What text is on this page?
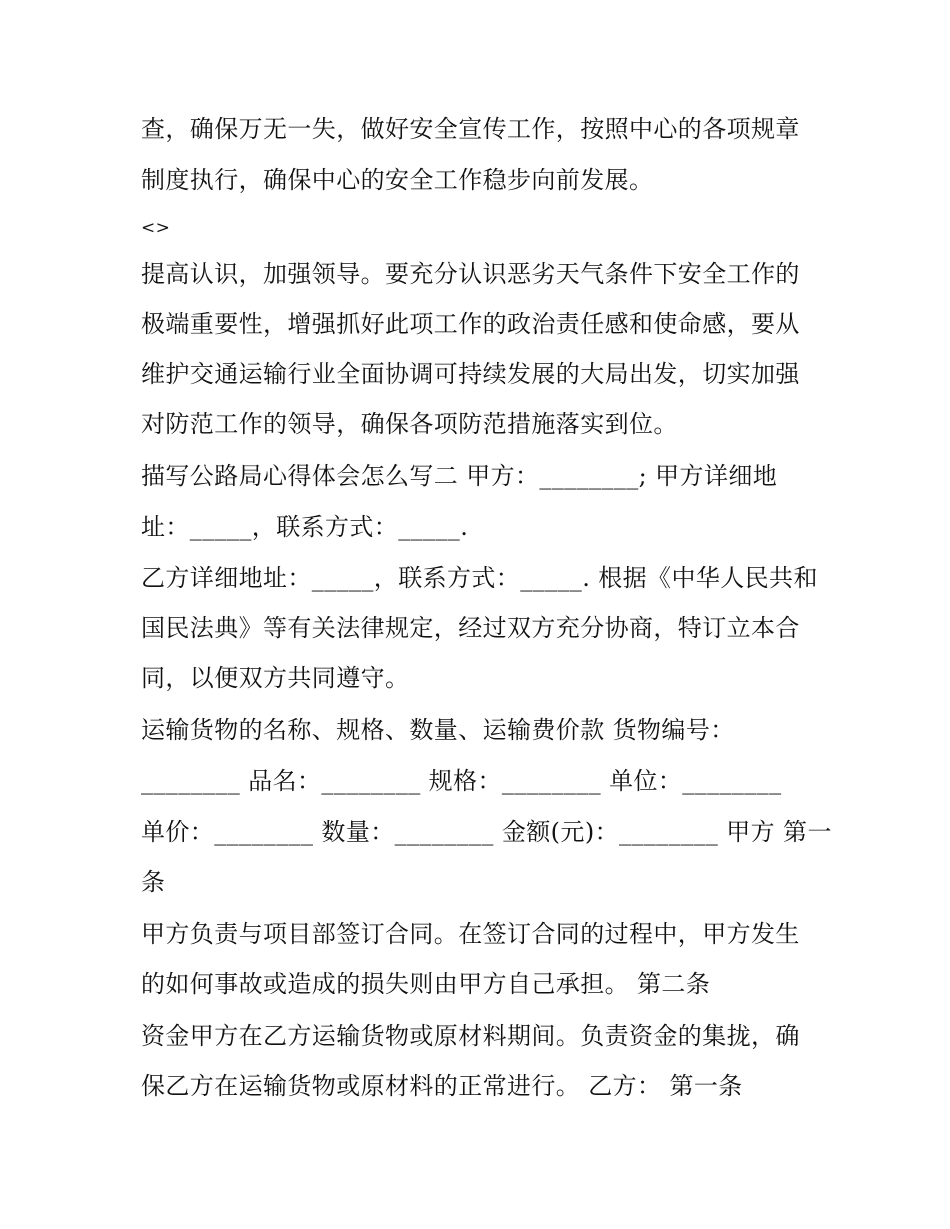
查，确保万无一失，做好安全宣传工作，按照中心的各项规章
制度执行，确保中心的安全工作稳步向前发展。
<>
提高认识，加强领导。要充分认识恶劣天气条件下安全工作的
极端重要性，增强抓好此项工作的政治责任感和使命感，要从
维护交通运输行业全面协调可持续发展的大局出发，切实加强
对防范工作的领导，确保各项防范措施落实到位。
描写公路局心得体会怎么写二 甲方：________; 甲方详细地
址：_____，联系方式：_____.
乙方详细地址：_____，联系方式：_____. 根据《中华人民共和
国民法典》等有关法律规定，经过双方充分协商，特订立本合
同，以便双方共同遵守。
运输货物的名称、规格、数量、运输费价款 货物编号：
________ 品名：________ 规格：________ 单位：________
单价：________ 数量：________ 金额(元)：________ 甲方 第一
条
甲方负责与项目部签订合同。在签订合同的过程中，甲方发生
的如何事故或造成的损失则由甲方自己承担。 第二条
资金甲方在乙方运输货物或原材料期间。负责资金的集拢，确
保乙方在运输货物或原材料的正常进行。 乙方： 第一条
